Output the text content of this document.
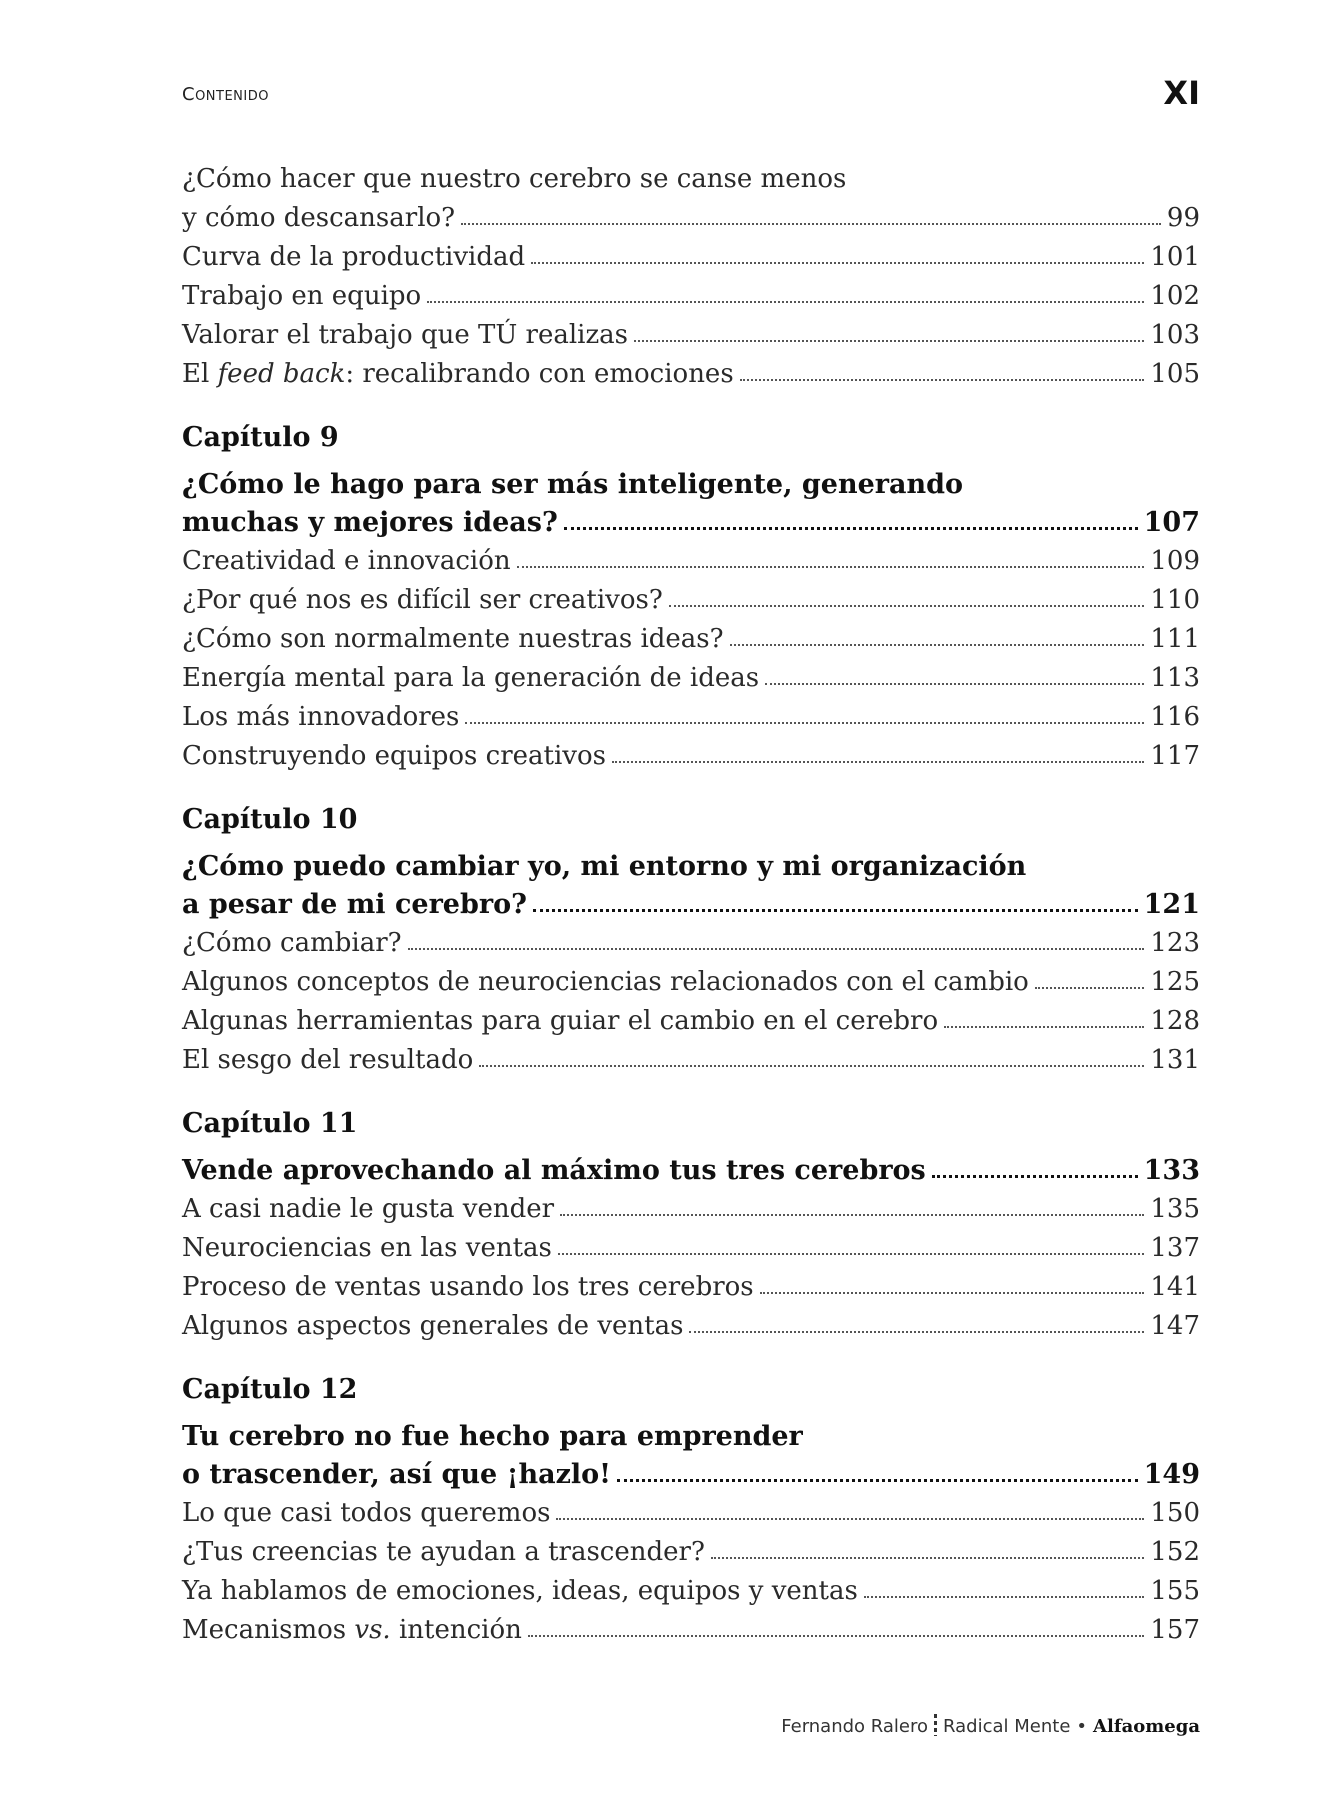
Contenido	XI
¿Cómo hacer que nuestro cerebro se canse menos
y cómo descansarlo?	99
Curva de la productividad	101
Trabajo en equipo	102
Valorar el trabajo que TÚ realizas	103
El feed back: recalibrando con emociones	105
Capítulo 9
¿Cómo le hago para ser más inteligente, generando
muchas y mejores ideas?	107
Creatividad e innovación	109
¿Por qué nos es difícil ser creativos?	110
¿Cómo son normalmente nuestras ideas?	111
Energía mental para la generación de ideas	113
Los más innovadores	116
Construyendo equipos creativos	117
Capítulo 10
¿Cómo puedo cambiar yo, mi entorno y mi organización
a pesar de mi cerebro?	121
¿Cómo cambiar?	123
Algunos conceptos de neurociencias relacionados con el cambio	125
Algunas herramientas para guiar el cambio en el cerebro	128
El sesgo del resultado	131
Capítulo 11
Vende aprovechando al máximo tus tres cerebros	133
A casi nadie le gusta vender	135
Neurociencias en las ventas	137
Proceso de ventas usando los tres cerebros	141
Algunos aspectos generales de ventas	147
Capítulo 12
Tu cerebro no fue hecho para emprender
o trascender, así que ¡hazlo!	149
Lo que casi todos queremos	150
¿Tus creencias te ayudan a trascender?	152
Ya hablamos de emociones, ideas, equipos y ventas	155
Mecanismos vs. intención	157
Fernando Ralero Radical Mente • Alfaomega
